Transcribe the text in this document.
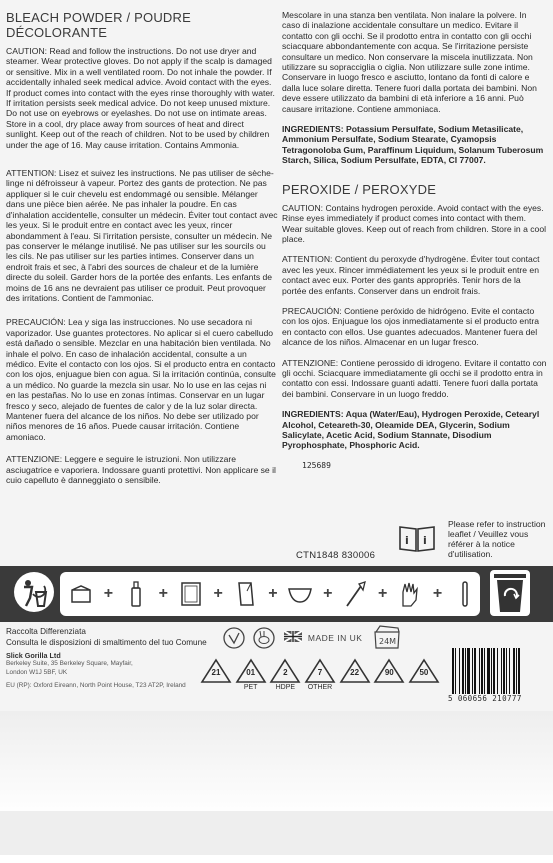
BLEACH POWDER / POUDRE DÉCOLORANTE

CAUTION: Read and follow the instructions. Do not use dryer and steamer. Wear protective gloves. Do not apply if the scalp is damaged or sensitive. Mix in a well ventilated room. Do not inhale the powder. If accidentally inhaled seek medical advice. Avoid contact with the eyes. If product comes into contact with the eyes rinse thoroughly with water. If irritation persists seek medical advice. Do not keep unused mixture. Do not use on eyebrows or eyelashes. Do not use on intimate areas. Store in a cool, dry place away from sources of heat and direct sunlight. Keep out of the reach of children. Not to be used by children under the age of 16. May cause irritation. Contains Ammonia.

ATTENTION: Lisez et suivez les instructions. Ne pas utiliser de sèche-linge ni défroisseur à vapeur. Portez des gants de protection. Ne pas appliquer si le cuir chevelu est endommagé ou sensible. Mélanger dans une pièce bien aérée. Ne pas inhaler la poudre. En cas d'inhalation accidentelle, consulter un médecin. Éviter tout contact avec les yeux. Si le produit entre en contact avec les yeux, rincer abondamment à l'eau. Si l'irritation persiste, consulter un médecin. Ne pas conserver le mélange inutilisé. Ne pas utiliser sur les sourcils ou les cils. Ne pas utiliser sur les parties intimes. Conserver dans un endroit frais et sec, à l'abri des sources de chaleur et de la lumière directe du soleil. Garder hors de la portée des enfants. Les enfants de moins de 16 ans ne devraient pas utiliser ce produit. Peut provoquer des irritations. Contient de l'ammoniac.

PRECAUCIÓN: Lea y siga las instrucciones. No use secadora ni vaporizador. Use guantes protectores. No aplicar si el cuero cabelludo está dañado o sensible. Mezclar en una habitación bien ventilada. No inhale el polvo. En caso de inhalación accidental, consulte a un médico. Evite el contacto con los ojos. Si el producto entra en contacto con los ojos, enjuague bien con agua. Si la irritación continúa, consulte a un médico. No guarde la mezcla sin usar. No lo use en las cejas ni en las pestañas. No lo use en zonas íntimas. Conservar en un lugar fresco y seco, alejado de fuentes de calor y de la luz solar directa. Mantener fuera del alcance de los niños. No debe ser utilizado por niños menores de 16 años. Puede causar irritación. Contiene amoniaco.

ATTENZIONE: Leggere e seguire le istruzioni. Non utilizzare asciugatrice e vaporiera. Indossare guanti protettivi. Non applicare se il cuio capelluto è danneggiato o sensibile.

Mescolare in una stanza ben ventilata. Non inalare la polvere. In caso di inalazione accidentale consultare un medico. Evitare il contatto con gli occhi. Se il prodotto entra in contatto con gli occhi sciacquare abbondantemente con acqua. Se l'irritazione persiste consultare un medico. Non conservare la miscela inutilizzata. Non utilizzare su sopracciglia o ciglia. Non utilizzare sulle zone intime. Conservare in luogo fresco e asciutto, lontano da fonti di calore e dalla luce solare diretta. Tenere fuori dalla portata dei bambini. Non deve essere utilizzato da bambini di età inferiore a 16 anni. Può causare irritazione. Contiene ammoniaca.

INGREDIENTS: Potassium Persulfate, Sodium Metasilicate, Ammonium Persulfate, Sodium Stearate, Cyamopsis Tetragonoloba Gum, Paraffinum Liquidum, Solanum Tuberosum Starch, Silica, Sodium Persulfate, EDTA, CI 77007.

PEROXIDE / PEROXYDE

CAUTION: Contains hydrogen peroxide. Avoid contact with the eyes. Rinse eyes immediately if product comes into contact with them. Wear suitable gloves. Keep out of reach from children. Store in a cool place.

ATTENTION: Contient du peroxyde d'hydrogène. Éviter tout contact avec les yeux. Rincer immédiatement les yeux si le produit entre en contact avec eux. Porter des gants appropriés. Tenir hors de la portée des enfants. Conserver dans un endroit frais.

PRECAUCIÓN: Contiene peróxido de hidrógeno. Evite el contacto con los ojos. Enjuague los ojos inmediatamente si el producto entra en contacto con ellos. Use guantes adecuados. Mantener fuera del alcance de los niños. Almacenar en un lugar fresco.

ATTENZIONE: Contiene perossido di idrogeno. Evitare il contatto con gli occhi. Sciacquare immediatamente gli occhi se il prodotto entra in contatto con essi. Indossare guanti adatti. Tenere fuori dalla portata dei bambini. Conservare in un luogo freddo.

INGREDIENTS: Aqua (Water/Eau), Hydrogen Peroxide, Cetearyl Alcohol, Ceteareth-30, Oleamide DEA, Glycerin, Sodium Salicylate, Acetic Acid, Sodium Stannate, Disodium Pyrophosphate, Phosphoric Acid.

125689
i i
Please refer to instruction leaflet / Veuillez vous référer à la notice d'utilisation.
CTN1848 830006
+	+	+	+	+	+	+
Raccolta Differenziata
Consulta le disposizioni di smaltimento del tuo Comune
Slick Gorilla Ltd
Berkeley Suite, 35 Berkeley Square, Mayfair,
London W1J 5BF, UK
EU (RP): Oxford Eireann, North Point House, T23 AT2P, Ireland
MADE IN UK 24M
21	01
PET
2
HDPE
7
OTHER
22	90	50
5 060656 210777
